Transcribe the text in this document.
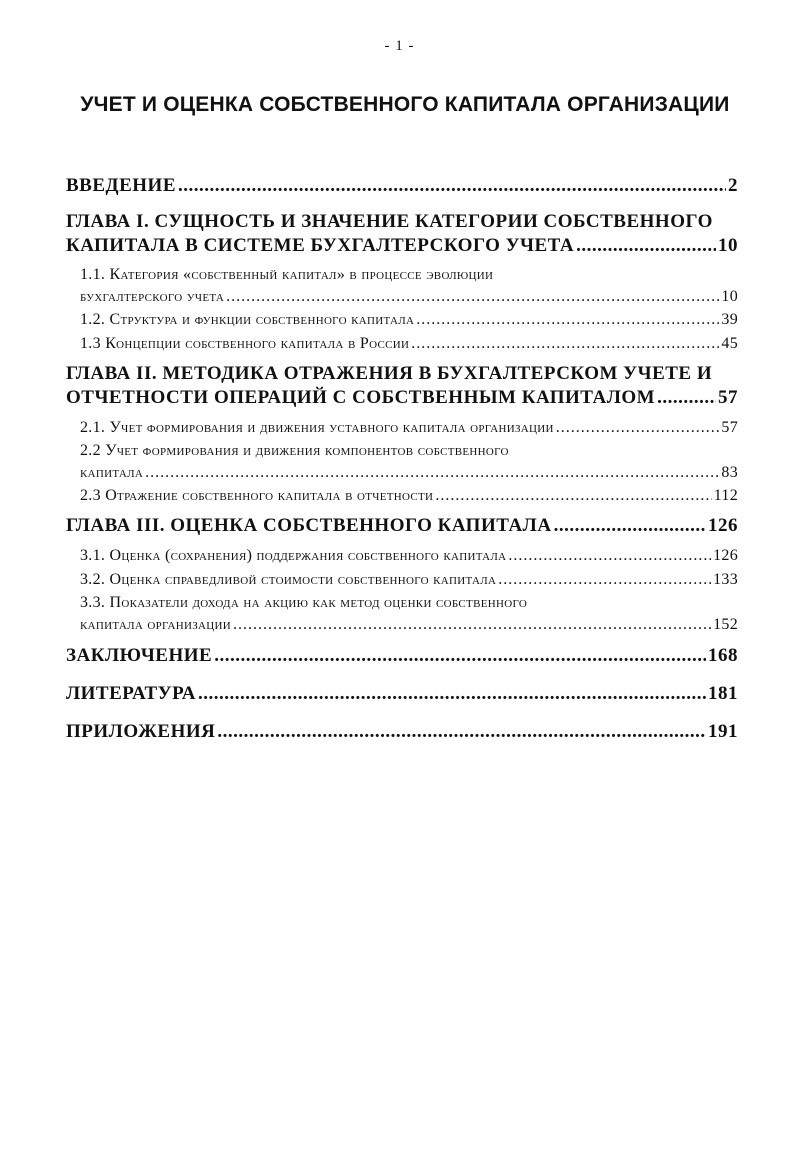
- 1 -
УЧЕТ И ОЦЕНКА СОБСТВЕННОГО КАПИТАЛА ОРГАНИЗАЦИИ
ВВЕДЕНИЕ .....	2
ГЛАВА I. СУЩНОСТЬ И ЗНАЧЕНИЕ КАТЕГОРИИ СОБСТВЕННОГО
КАПИТАЛА В СИСТЕМЕ БУХГАЛТЕРСКОГО УЧЕТА .....	10
1.1. Категория «собственный капитал» в процессе эволюции
бухгалтерского учета .....	10
1.2. Структура и функции собственного капитала .....	39
1.3 Концепции собственного капитала в России .....	45
ГЛАВА II. МЕТОДИКА ОТРАЖЕНИЯ В БУХГАЛТЕРСКОМ УЧЕТЕ И
ОТЧЕТНОСТИ ОПЕРАЦИЙ С СОБСТВЕННЫМ КАПИТАЛОМ .....	57
2.1. Учет формирования и движения уставного капитала организации .....	57
2.2 Учет формирования и движения компонентов собственного
капитала .....	83
2.3 Отражение собственного капитала в отчетности .....	112
ГЛАВА III. ОЦЕНКА СОБСТВЕННОГО КАПИТАЛА .....	126
3.1. Оценка (сохранения) поддержания собственного капитала .....	126
3.2. Оценка справедливой стоимости собственного капитала .....	133
3.3. Показатели дохода на акцию как метод оценки собственного
капитала организации .....	152
ЗАКЛЮЧЕНИЕ .....	168
ЛИТЕРАТУРА .....	181
ПРИЛОЖЕНИЯ .....	191
